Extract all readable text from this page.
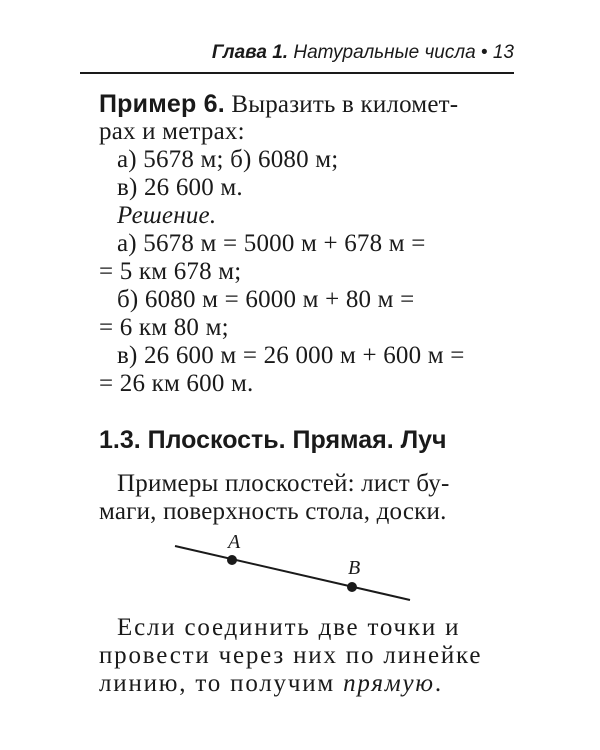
Глава 1. Натуральные числа • 13
Пример 6. Выразить в километ-
рах и метрах:
а) 5678 м; б) 6080 м;
в) 26 600 м.
Решение.
а) 5678 м = 5000 м + 678 м =
= 5 км 678 м;
б) 6080 м = 6000 м + 80 м =
= 6 км 80 м;
в) 26 600 м = 26 000 м + 600 м =
= 26 км 600 м.
1.3. Плоскость. Прямая. Луч
Примеры плоскостей: лист бу-
маги, поверхность стола, доски.
Если соединить две точки и
провести через них по линейке
линию, то получим прямую.
A
B
